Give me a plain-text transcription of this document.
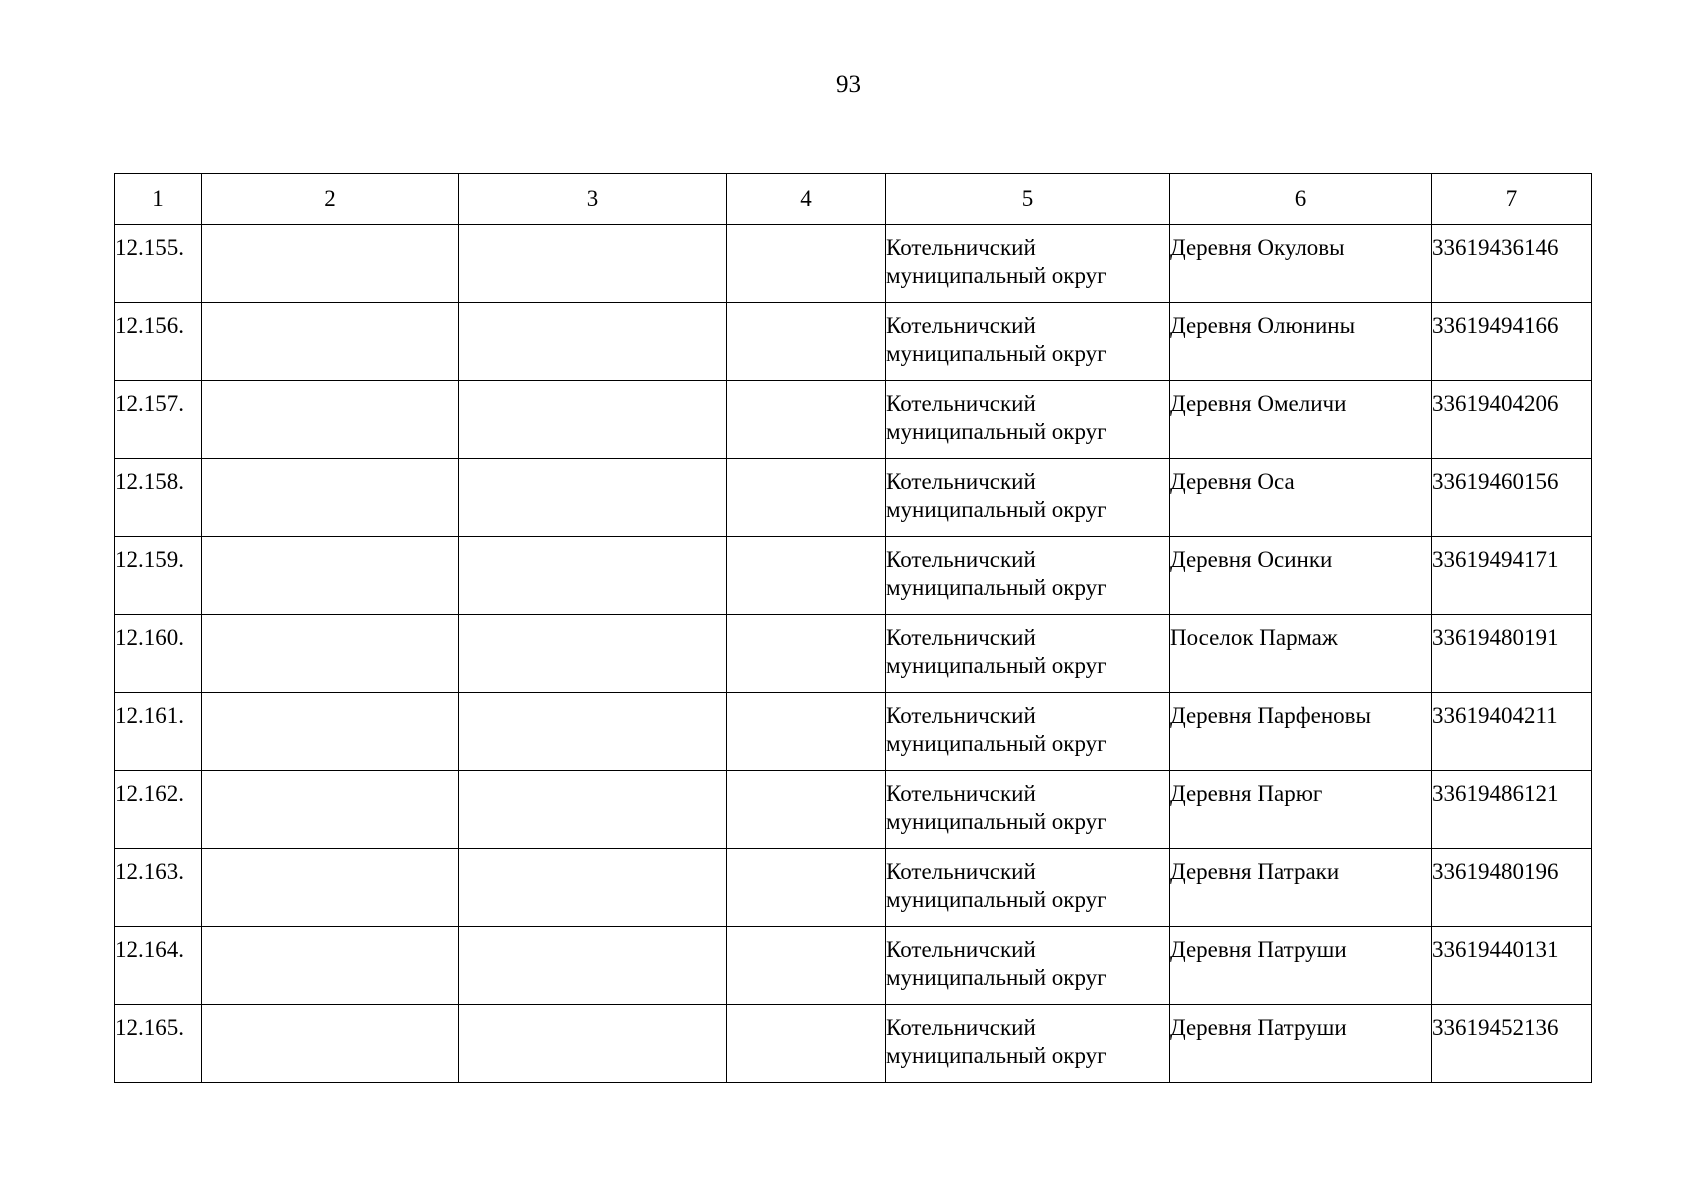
93
1	2	3	4	5	6	7
12.155.				Котельничский муниципальный округ	Деревня Окуловы	33619436146
12.156.				Котельничский муниципальный округ	Деревня Олюнины	33619494166
12.157.				Котельничский муниципальный округ	Деревня Омеличи	33619404206
12.158.				Котельничский муниципальный округ	Деревня Оса	33619460156
12.159.				Котельничский муниципальный округ	Деревня Осинки	33619494171
12.160.				Котельничский муниципальный округ	Поселок Пармаж	33619480191
12.161.				Котельничский муниципальный округ	Деревня Парфеновы	33619404211
12.162.				Котельничский муниципальный округ	Деревня Парюг	33619486121
12.163.				Котельничский муниципальный округ	Деревня Патраки	33619480196
12.164.				Котельничский муниципальный округ	Деревня Патруши	33619440131
12.165.				Котельничский муниципальный округ	Деревня Патруши	33619452136
